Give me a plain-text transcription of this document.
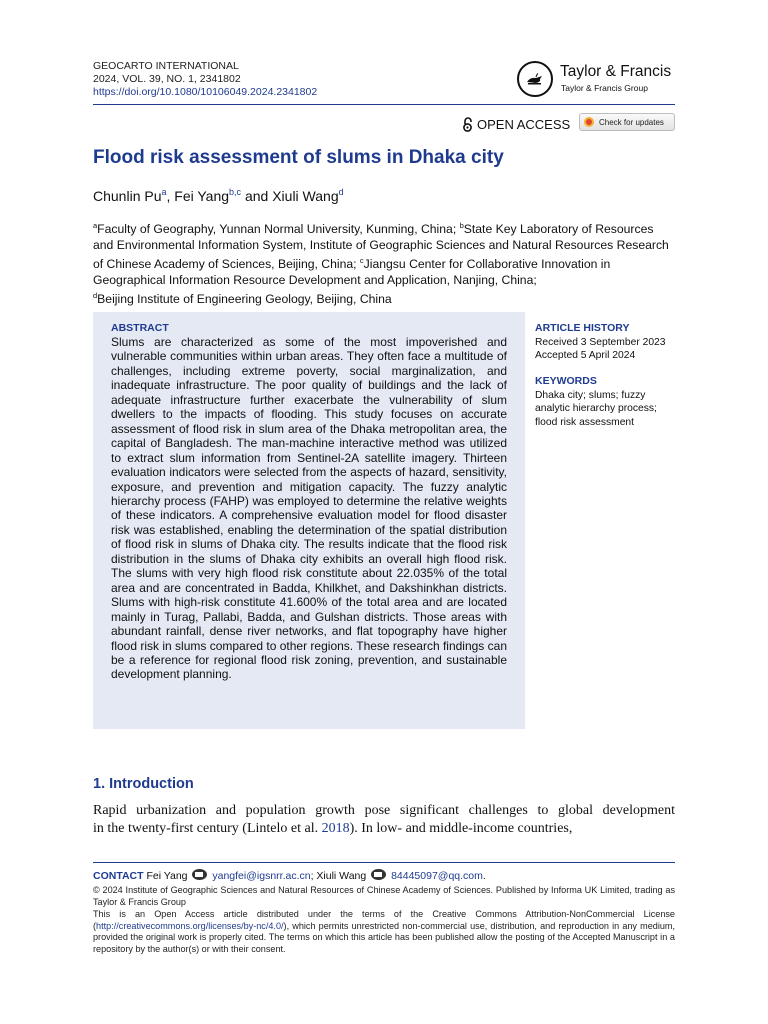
GEOCARTO INTERNATIONAL
2024, VOL. 39, NO. 1, 2341802
https://doi.org/10.1080/10106049.2024.2341802
Taylor & Francis
Taylor & Francis Group
OPEN ACCESS	Check for updates
Flood risk assessment of slums in Dhaka city
Chunlin Pu$^a$, Fei Yang$^{b,c}$ and Xiuli Wang$^d$
$^a$Faculty of Geography, Yunnan Normal University, Kunming, China; $^b$State Key Laboratory of Resources and Environmental Information System, Institute of Geographic Sciences and Natural Resources Research of Chinese Academy of Sciences, Beijing, China; $^c$Jiangsu Center for Collaborative Innovation in Geographical Information Resource Development and Application, Nanjing, China;
$^d$Beijing Institute of Engineering Geology, Beijing, China
ABSTRACT
Slums are characterized as some of the most impoverished and vulnerable communities within urban areas. They often face a multitude of challenges, including extreme poverty, social marginalization, and inadequate infrastructure. The poor quality of buildings and the lack of adequate infrastructure further exacerbate the vulnerability of slum dwellers to the impacts of flooding. This study focuses on accurate assessment of flood risk in slum area of the Dhaka metropolitan area, the capital of Bangladesh. The man-machine interactive method was utilized to extract slum information from Sentinel-2A satellite imagery. Thirteen evaluation indicators were selected from the aspects of hazard, sensitivity, exposure, and prevention and mitigation capacity. The fuzzy analytic hierarchy process (FAHP) was employed to determine the relative weights of these indicators. A comprehensive evaluation model for flood disaster risk was established, enabling the determination of the spatial distribution of flood risk in slums of Dhaka city. The results indicate that the flood risk distribution in the slums of Dhaka city exhibits an overall high flood risk. The slums with very high flood risk constitute about 22.035% of the total area and are concentrated in Badda, Khilkhet, and Dakshinkhan districts. Slums with high-risk constitute 41.600% of the total area and are located mainly in Turag, Pallabi, Badda, and Gulshan districts. Those areas with abundant rainfall, dense river networks, and flat topography have higher flood risk in slums compared to other regions. These research findings can be a reference for regional flood risk zoning, prevention, and sustainable development planning.
ARTICLE HISTORY
Received 3 September 2023
Accepted 5 April 2024
KEYWORDS
Dhaka city; slums; fuzzy analytic hierarchy process; flood risk assessment
1. Introduction
Rapid urbanization and population growth pose significant challenges to global development
in the twenty-first century (Lintelo et al. 2018). In low- and middle-income countries,
CONTACT Fei Yang yangfei@igsnrr.ac.cn; Xiuli Wang 84445097@qq.com.
© 2024 Institute of Geographic Sciences and Natural Resources of Chinese Academy of Sciences. Published by Informa UK Limited, trading as Taylor & Francis Group
This is an Open Access article distributed under the terms of the Creative Commons Attribution-NonCommercial License (http://creativecommons.org/licenses/by-nc/4.0/), which permits unrestricted non-commercial use, distribution, and reproduction in any medium, provided the original work is properly cited. The terms on which this article has been published allow the posting of the Accepted Manuscript in a repository by the author(s) or with their consent.
